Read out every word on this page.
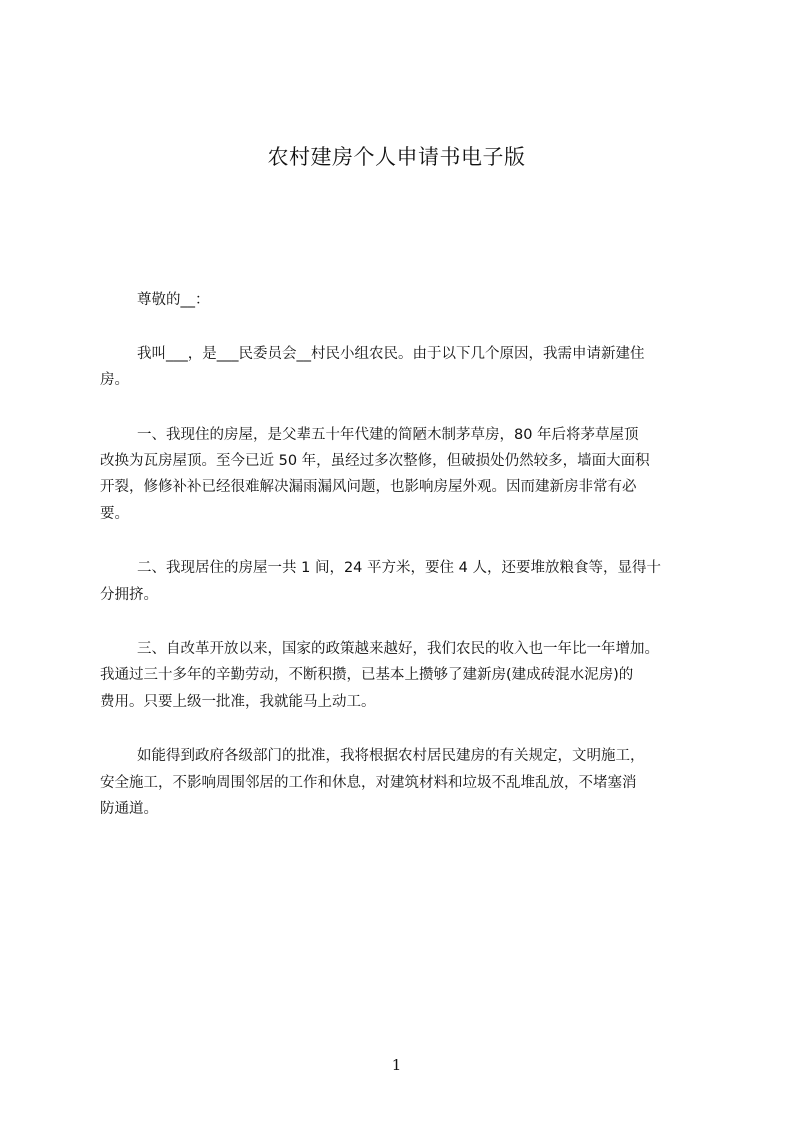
农村建房个人申请书电子版
尊敬的__：
我叫___，是___民委员会__村民小组农民。由于以下几个原因，我需申请新建住
房。
一、我现住的房屋，是父辈五十年代建的简陋木制茅草房，80 年后将茅草屋顶
改换为瓦房屋顶。至今已近 50 年，虽经过多次整修，但破损处仍然较多，墙面大面积
开裂，修修补补已经很难解决漏雨漏风问题，也影响房屋外观。因而建新房非常有必
要。
二、我现居住的房屋一共 1 间，24 平方米，要住 4 人，还要堆放粮食等，显得十
分拥挤。
三、自改革开放以来，国家的政策越来越好，我们农民的收入也一年比一年增加。
我通过三十多年的辛勤劳动，不断积攒，已基本上攒够了建新房(建成砖混水泥房)的
费用。只要上级一批准，我就能马上动工。
如能得到政府各级部门的批准，我将根据农村居民建房的有关规定，文明施工，
安全施工，不影响周围邻居的工作和休息，对建筑材料和垃圾不乱堆乱放，不堵塞消
防通道。
1
